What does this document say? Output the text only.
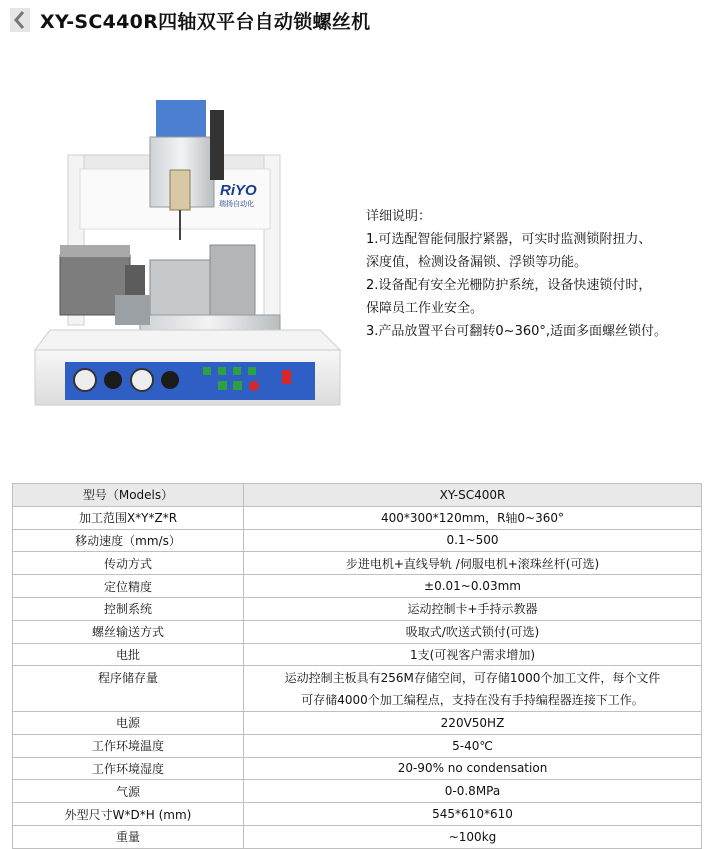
XY-SC440R四轴双平台自动锁螺丝机
RiYO
瑞扬自动化

详细说明：

1.可选配智能伺服拧紧器，可实时监测锁附扭力、

深度值，检测设备漏锁、浮锁等功能。

2.设备配有安全光栅防护系统，设备快速锁付时，

保障员工作业安全。

3.产品放置平台可翻转0~360°,适面多面螺丝锁付。

型号（Models）	XY-SC400R
加工范围X*Y*Z*R	400*300*120mm，R轴0~360°
移动速度（mm/s）	0.1~500
传动方式	步进电机+直线导轨 /伺服电机+滚珠丝杆(可选)
定位精度	±0.01~0.03mm
控制系统	运动控制卡+手持示教器
螺丝输送方式	吸取式/吹送式锁付(可选)
电批	1支(可视客户需求增加)
程序储存量	运动控制主板具有256M存储空间，可存储1000个加工文件，每个文件
可存储4000个加工编程点，支持在没有手持编程器连接下工作。

电源	220V50HZ
工作环境温度	5-40℃
工作环境湿度	20-90% no condensation
气源	0-0.8MPa
外型尺寸W*D*H (mm)	545*610*610
重量	~100kg
